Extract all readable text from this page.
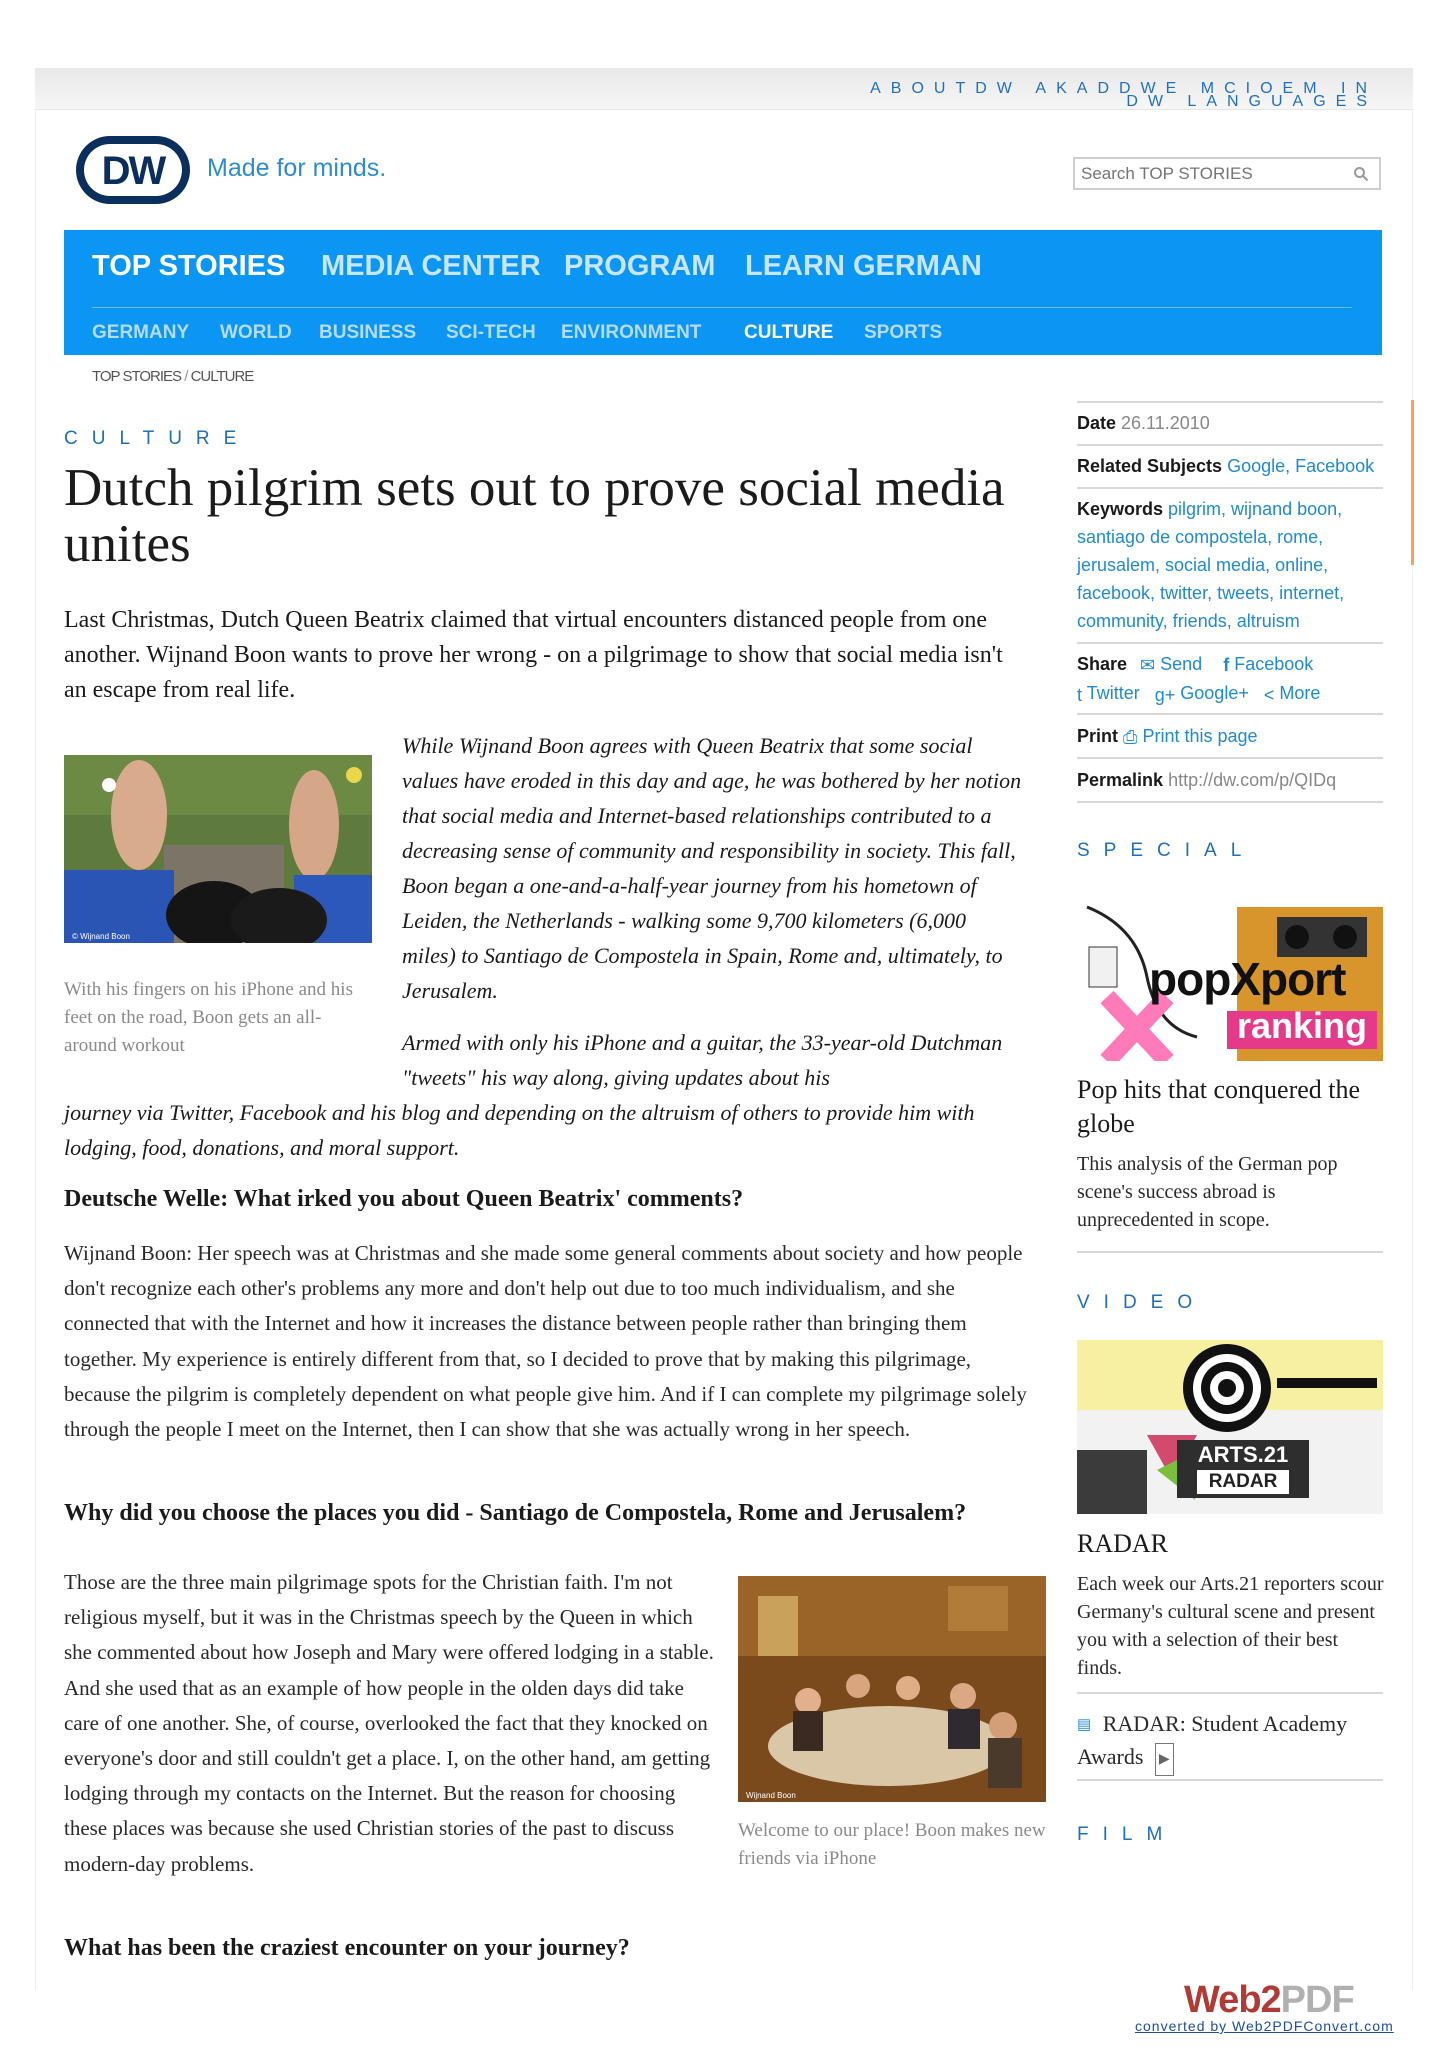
ABOUTDW AKADDWE MCIOEM IN
DW LANGUAGES
DW	Made for minds.
Search TOP STORIES
TOP STORIES MEDIA CENTER PROGRAM LEARN GERMAN
GERMANY WORLD BUSINESS SCI-TECH ENVIRONMENT CULTURE SPORTS
TOP STORIES / CULTURE
CULTURE
Dutch pilgrim sets out to prove social media unites

Last Christmas, Dutch Queen Beatrix claimed that virtual encounters distanced people from one another. Wijnand Boon wants to prove her wrong - on a pilgrimage to show that social media isn't an escape from real life.

© Wijnand Boon
With his fingers on his iPhone and his feet on the road, Boon gets an all-around workout

While Wijnand Boon agrees with Queen Beatrix that some social values have eroded in this day and age, he was bothered by her notion that social media and Internet-based relationships contributed to a decreasing sense of community and responsibility in society. This fall, Boon began a one-and-a-half-year journey from his hometown of Leiden, the Netherlands - walking some 9,700 kilometers (6,000 miles) to Santiago de Compostela in Spain, Rome and, ultimately, to Jerusalem.

Armed with only his iPhone and a guitar, the 33-year-old Dutchman "tweets" his way along, giving updates about his

journey via Twitter, Facebook and his blog and depending on the altruism of others to provide him with lodging, food, donations, and moral support.

Deutsche Welle: What irked you about Queen Beatrix' comments?

Wijnand Boon: Her speech was at Christmas and she made some general comments about society and how people don't recognize each other's problems any more and don't help out due to too much individualism, and she connected that with the Internet and how it increases the distance between people rather than bringing them together. My experience is entirely different from that, so I decided to prove that by making this pilgrimage, because the pilgrim is completely dependent on what people give him. And if I can complete my pilgrimage solely through the people I meet on the Internet, then I can show that she was actually wrong in her speech.

Why did you choose the places you did - Santiago de Compostela, Rome and Jerusalem?

Those are the three main pilgrimage spots for the Christian faith. I'm not religious myself, but it was in the Christmas speech by the Queen in which she commented about how Joseph and Mary were offered lodging in a stable. And she used that as an example of how people in the olden days did take care of one another. She, of course, overlooked the fact that they knocked on everyone's door and still couldn't get a place. I, on the other hand, am getting lodging through my contacts on the Internet. But the reason for choosing these places was because she used Christian stories of the past to discuss modern-day problems.

Wijnand Boon
Welcome to our place! Boon makes new friends via iPhone
What has been the craziest encounter on your journey?
Date 26.11.2010
Related Subjects Google, Facebook
Keywords pilgrim, wijnand boon, santiago de compostela, rome, jerusalem, social media, online, facebook, twitter, tweets, internet, community, friends, altruism
Share ✉ Send f Facebook
t Twitter g+ Google+ < More
Print ⎙ Print this page
Permalink http://dw.com/p/QIDq
SPECIAL
popXport
ranking
Pop hits that conquered the globe
This analysis of the German pop scene's success abroad is unprecedented in scope.
VIDEO
ARTS.21
RADAR
RADAR
Each week our Arts.21 reporters scour Germany's cultural scene and present you with a selection of their best finds.
▤ RADAR: Student Academy Awards ▶
FILM
Web2PDF
converted by Web2PDFConvert.com
